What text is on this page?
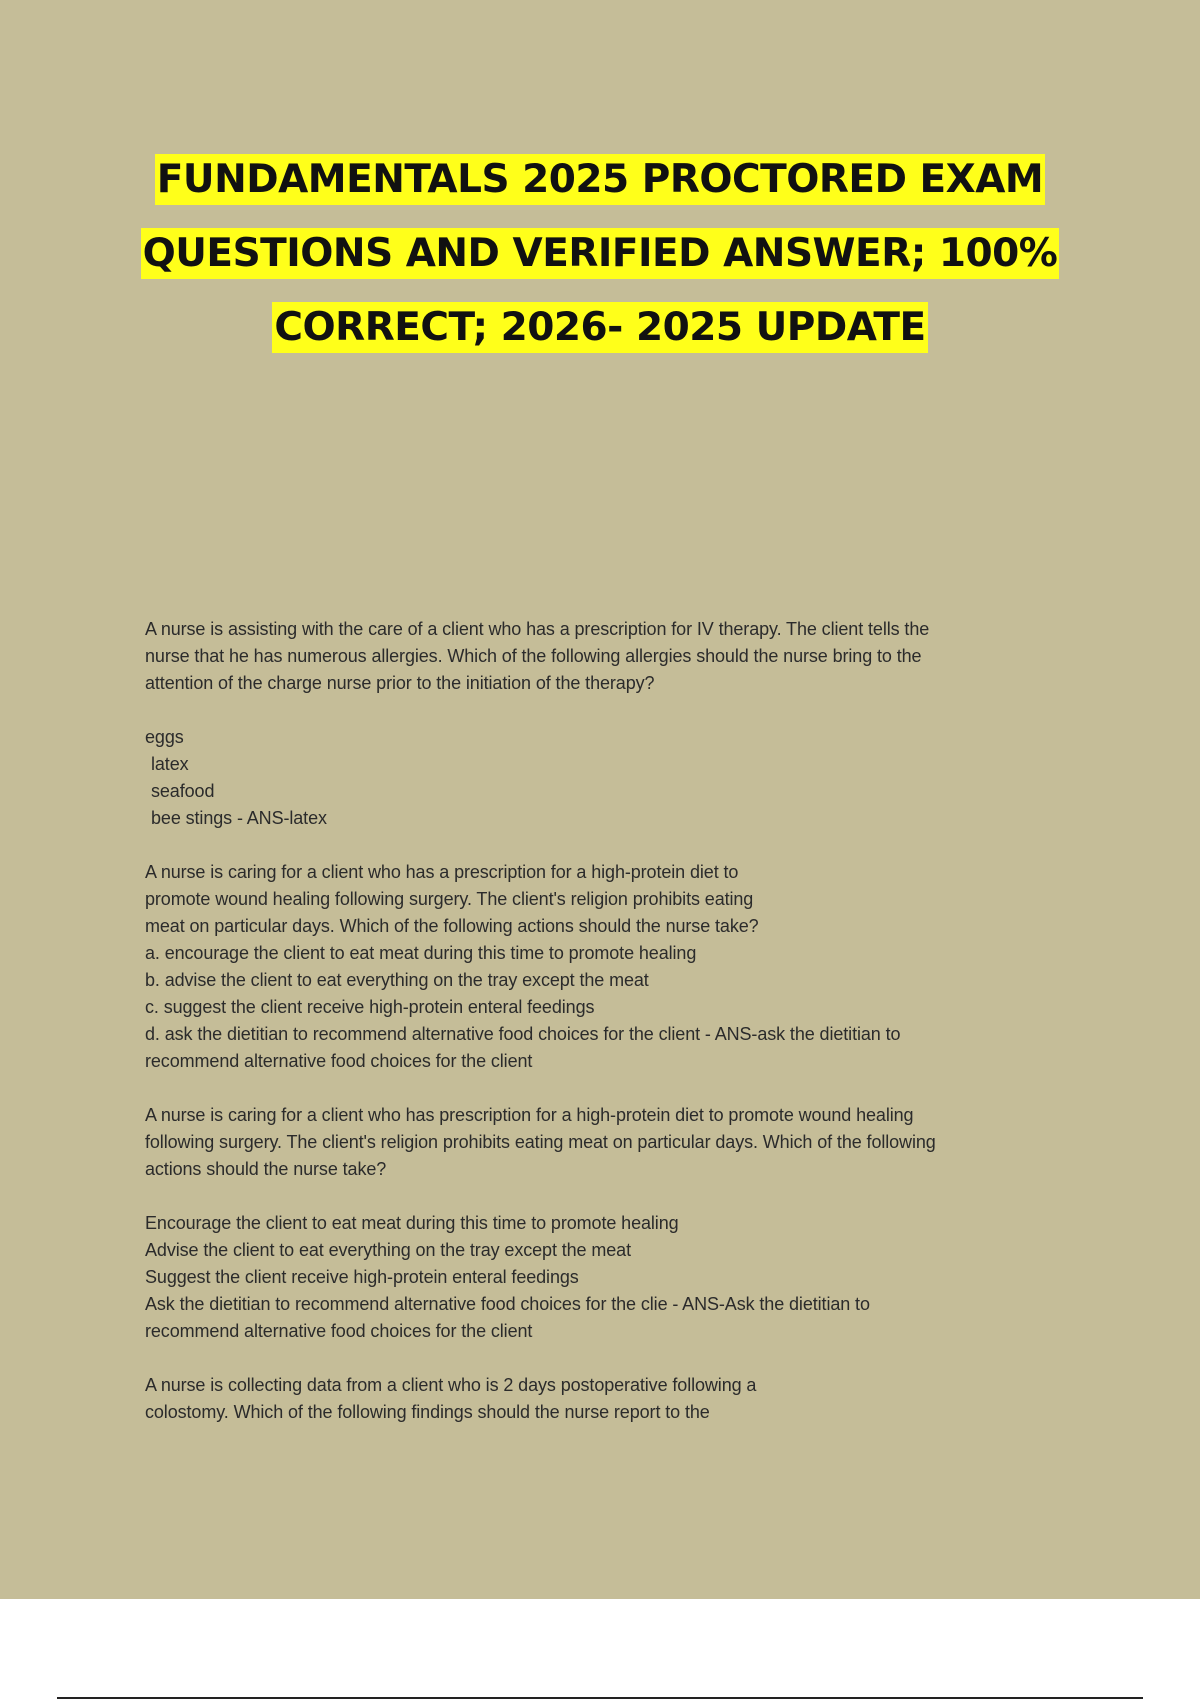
FUNDAMENTALS 2025 PROCTORED EXAM
QUESTIONS AND VERIFIED ANSWER; 100%
CORRECT; 2026- 2025 UPDATE
A nurse is assisting with the care of a client who has a prescription for IV therapy. The client tells the
nurse that he has numerous allergies. Which of the following allergies should the nurse bring to the
attention of the charge nurse prior to the initiation of the therapy?
eggs
latex
seafood
bee stings - ANS-latex
A nurse is caring for a client who has a prescription for a high-protein diet to
promote wound healing following surgery. The client's religion prohibits eating
meat on particular days. Which of the following actions should the nurse take?
a. encourage the client to eat meat during this time to promote healing
b. advise the client to eat everything on the tray except the meat
c. suggest the client receive high-protein enteral feedings
d. ask the dietitian to recommend alternative food choices for the client - ANS-ask the dietitian to
recommend alternative food choices for the client
A nurse is caring for a client who has prescription for a high-protein diet to promote wound healing
following surgery. The client's religion prohibits eating meat on particular days. Which of the following
actions should the nurse take?
Encourage the client to eat meat during this time to promote healing
Advise the client to eat everything on the tray except the meat
Suggest the client receive high-protein enteral feedings
Ask the dietitian to recommend alternative food choices for the clie - ANS-Ask the dietitian to
recommend alternative food choices for the client
A nurse is collecting data from a client who is 2 days postoperative following a
colostomy. Which of the following findings should the nurse report to the
